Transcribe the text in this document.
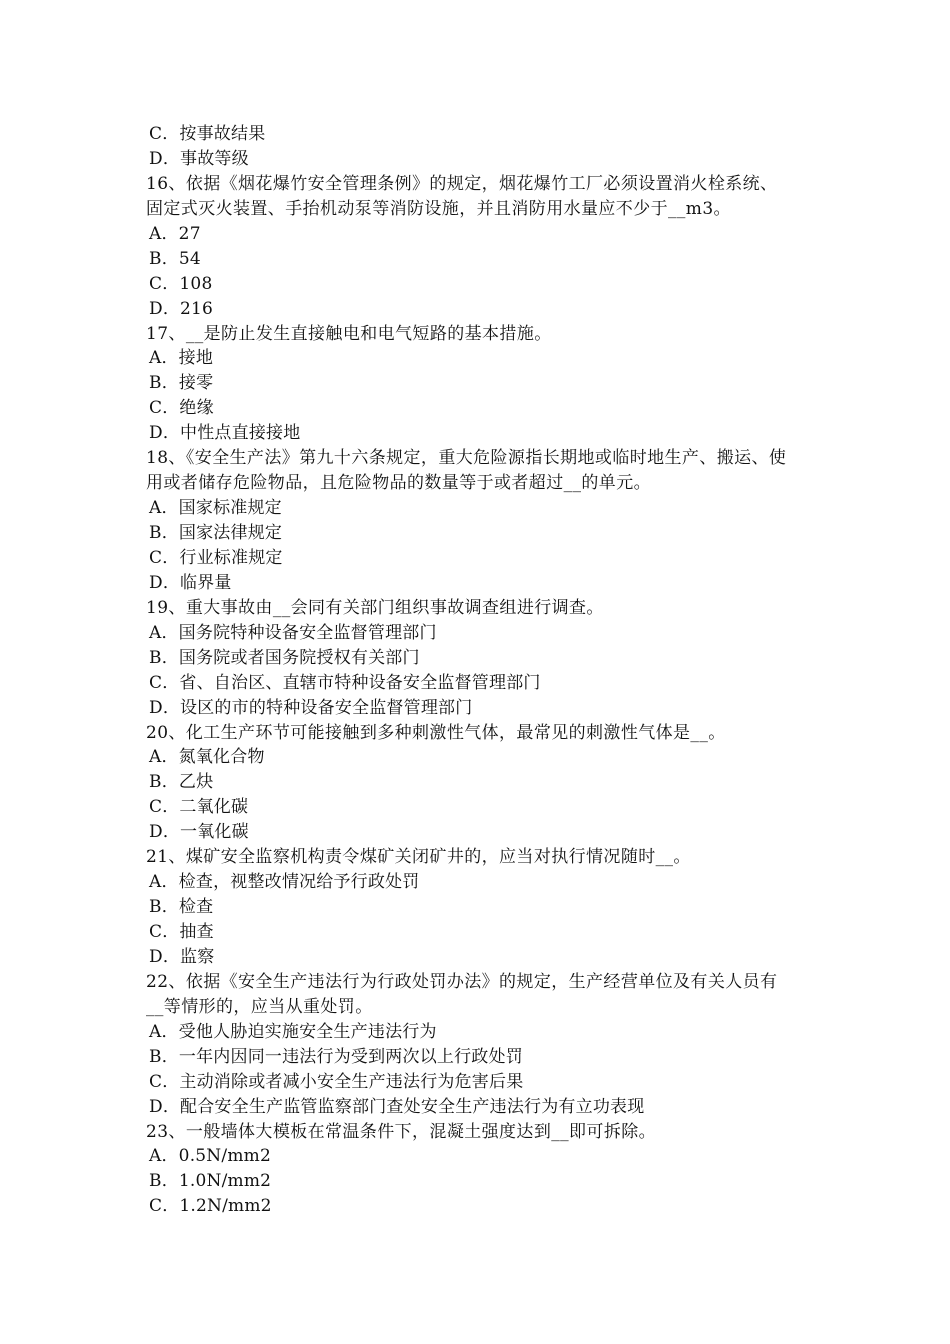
C．按事故结果
D．事故等级
16、依据《烟花爆竹安全管理条例》的规定，烟花爆竹工厂必须设置消火栓系统、
固定式灭火装置、手抬机动泵等消防设施，并且消防用水量应不少于__m3。
A．27
B．54
C．108
D．216
17、__是防止发生直接触电和电气短路的基本措施。
A．接地
B．接零
C．绝缘
D．中性点直接接地
18、《安全生产法》第九十六条规定，重大危险源指长期地或临时地生产、搬运、使
用或者储存危险物品，且危险物品的数量等于或者超过__的单元。
A．国家标准规定
B．国家法律规定
C．行业标准规定
D．临界量
19、重大事故由__会同有关部门组织事故调查组进行调查。
A．国务院特种设备安全监督管理部门
B．国务院或者国务院授权有关部门
C．省、自治区、直辖市特种设备安全监督管理部门
D．设区的市的特种设备安全监督管理部门
20、化工生产环节可能接触到多种刺激性气体，最常见的刺激性气体是__。
A．氮氧化合物
B．乙炔
C．二氧化碳
D．一氧化碳
21、煤矿安全监察机构责令煤矿关闭矿井的，应当对执行情况随时__。
A．检查，视整改情况给予行政处罚
B．检查
C．抽查
D．监察
22、依据《安全生产违法行为行政处罚办法》的规定，生产经营单位及有关人员有
__等情形的，应当从重处罚。
A．受他人胁迫实施安全生产违法行为
B．一年内因同一违法行为受到两次以上行政处罚
C．主动消除或者减小安全生产违法行为危害后果
D．配合安全生产监管监察部门查处安全生产违法行为有立功表现
23、一般墙体大模板在常温条件下，混凝土强度达到__即可拆除。
A．0.5N/mm2
B．1.0N/mm2
C．1.2N/mm2
